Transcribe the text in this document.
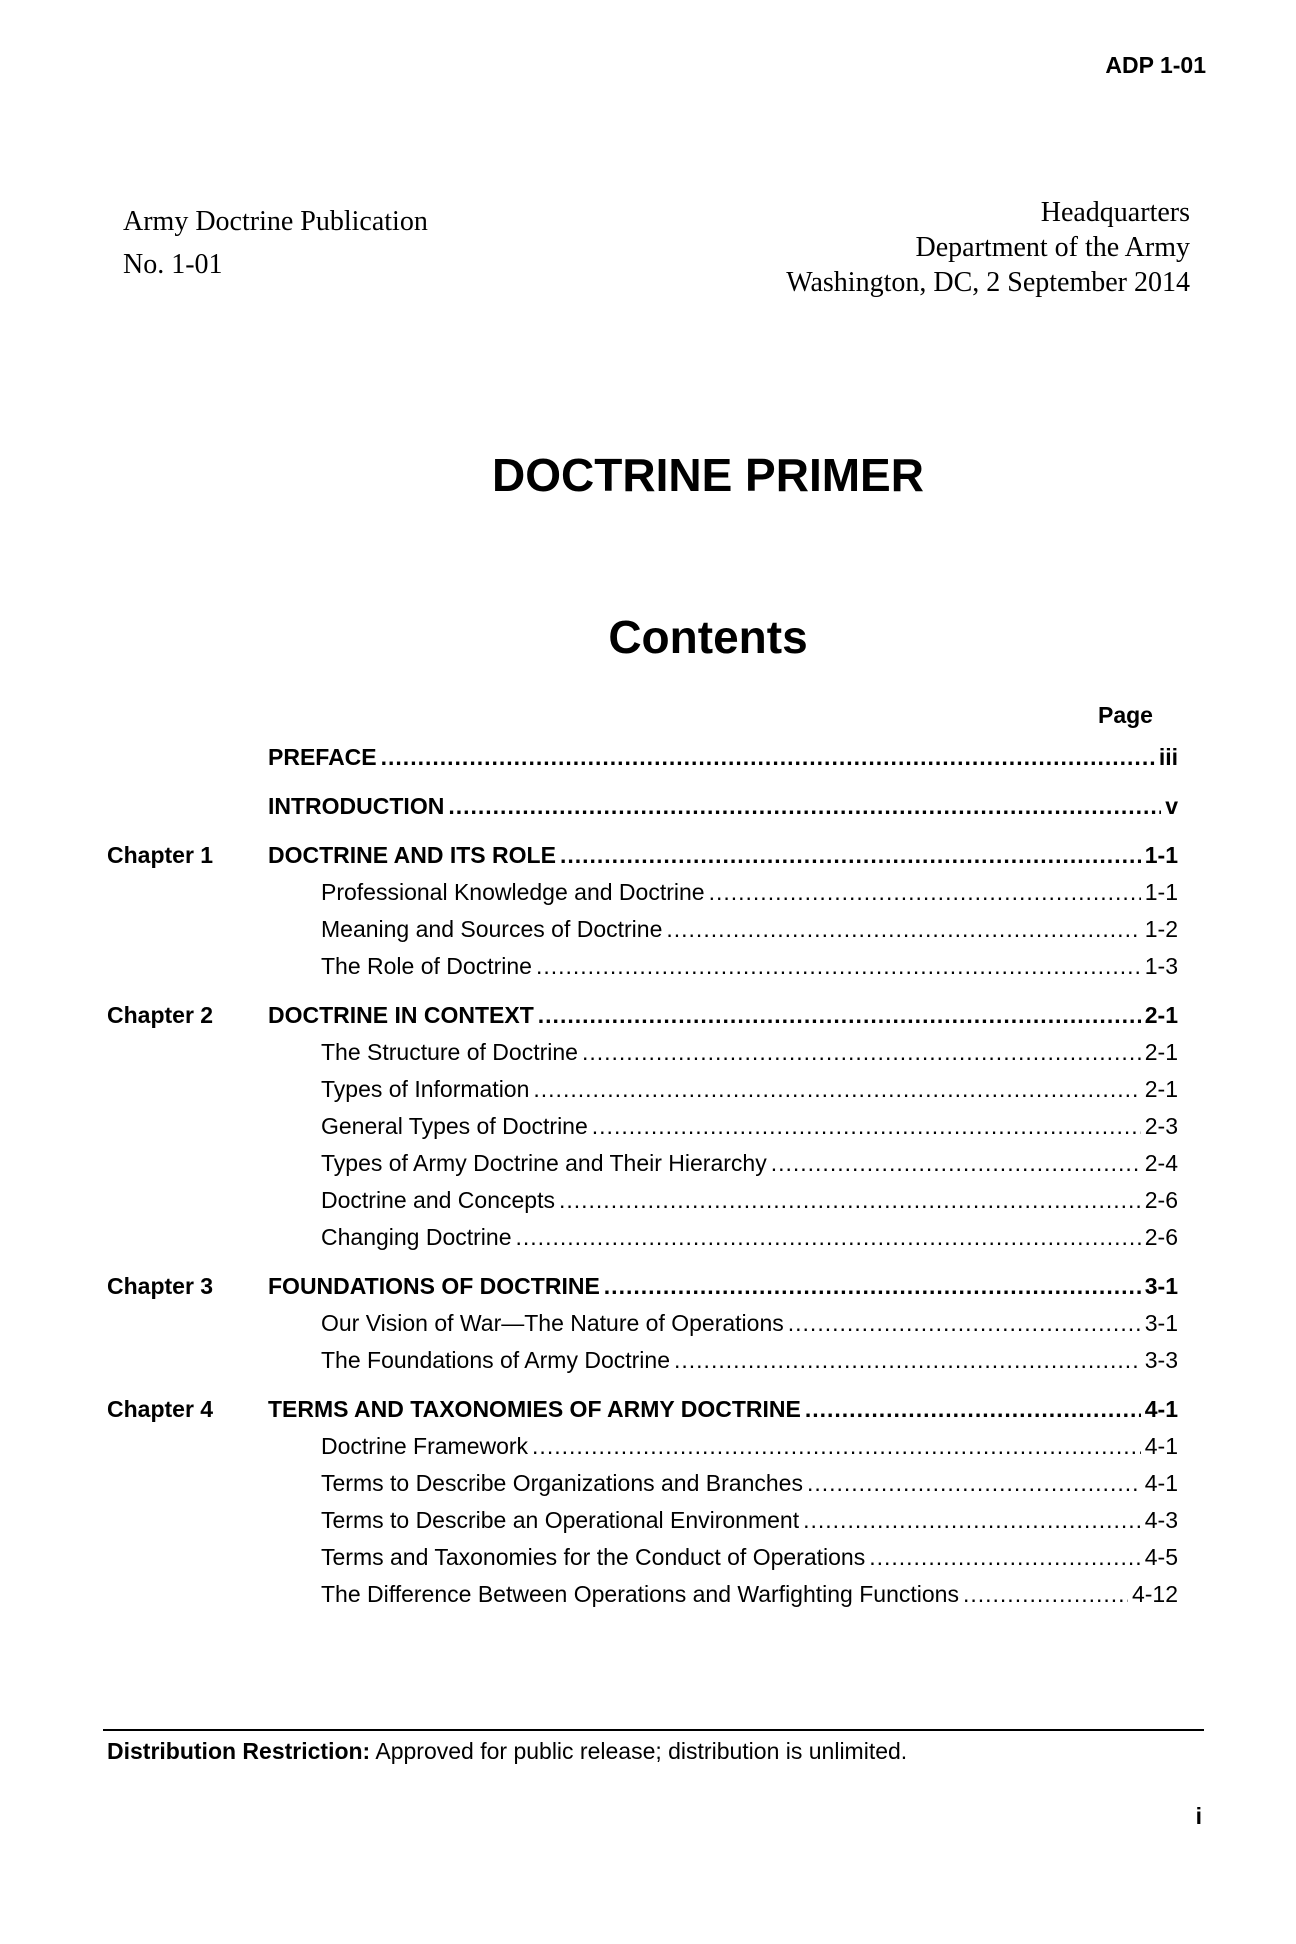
ADP 1-01
Army Doctrine Publication
No. 1-01
Headquarters
Department of the Army
Washington, DC, 2 September 2014
DOCTRINE PRIMER
Contents
Page
PREFACE .....	iii
INTRODUCTION .....	v
Chapter 1 DOCTRINE AND ITS ROLE .....	1-1
Professional Knowledge and Doctrine .....	1-1
Meaning and Sources of Doctrine .....	1-2
The Role of Doctrine .....	1-3
Chapter 2 DOCTRINE IN CONTEXT .....	2-1
The Structure of Doctrine .....	2-1
Types of Information .....	2-1
General Types of Doctrine .....	2-3
Types of Army Doctrine and Their Hierarchy .....	2-4
Doctrine and Concepts .....	2-6
Changing Doctrine .....	2-6
Chapter 3 FOUNDATIONS OF DOCTRINE .....	3-1
Our Vision of War—The Nature of Operations .....	3-1
The Foundations of Army Doctrine .....	3-3
Chapter 4 TERMS AND TAXONOMIES OF ARMY DOCTRINE .....	4-1
Doctrine Framework .....	4-1
Terms to Describe Organizations and Branches .....	4-1
Terms to Describe an Operational Environment .....	4-3
Terms and Taxonomies for the Conduct of Operations .....	4-5
The Difference Between Operations and Warfighting Functions .....	4-12
Distribution Restriction: Approved for public release; distribution is unlimited.
i
